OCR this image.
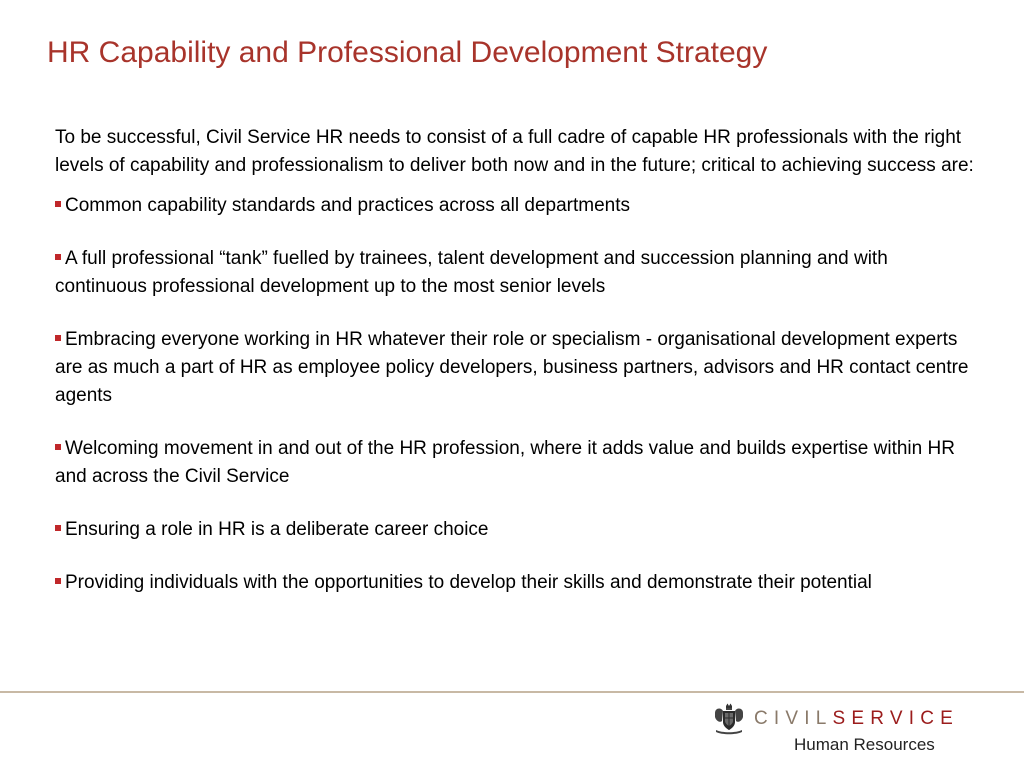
HR Capability and Professional Development Strategy

To be successful, Civil Service HR needs to consist of a full cadre of capable HR professionals with the right levels of capability and professionalism to deliver both now and in the future; critical to achieving success are:

Common capability standards and practices across all departments
A full professional “tank” fuelled by trainees, talent development and succession planning and with continuous professional development up to the most senior levels
Embracing everyone working in HR whatever their role or specialism - organisational development experts are as much a part of HR as employee policy developers, business partners, advisors and HR contact centre agents
Welcoming movement in and out of the HR profession, where it adds value and builds expertise within HR and across the Civil Service
Ensuring a role in HR is a deliberate career choice
Providing individuals with the opportunities to develop their skills and demonstrate their potential
CIVILSERVICE
Human Resources
